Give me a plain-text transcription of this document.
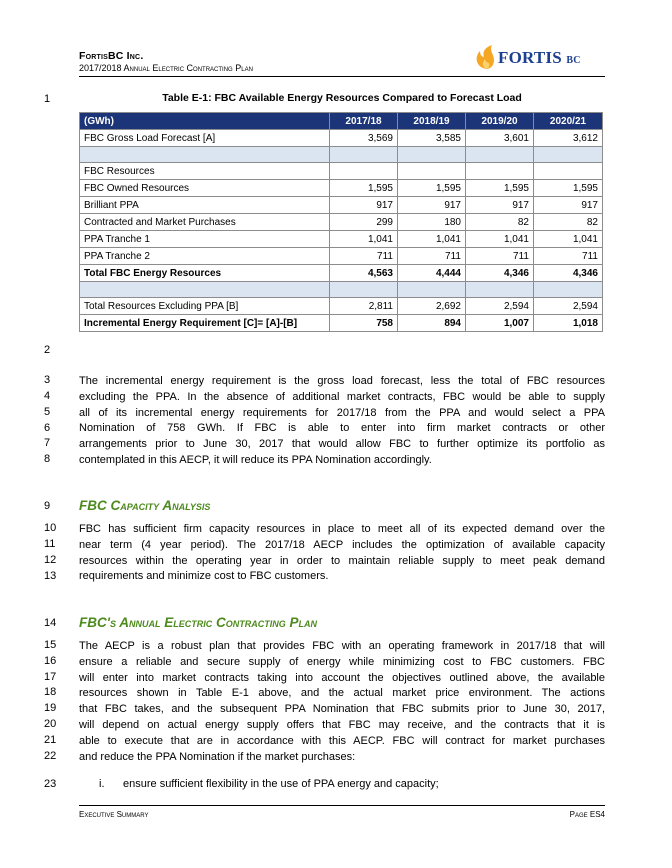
FortisBC Inc.
2017/2018 Annual Electric Contracting Plan
FORTIS BC
1
2
3
4
5
6
7
8
9
10
11
12
13
14
15
16
17
18
19
20
21
22
23
Table E-1: FBC Available Energy Resources Compared to Forecast Load
(GWh)	2017/18	2018/19	2019/20	2020/21
FBC Gross Load Forecast [A]	3,569	3,585	3,601	3,612

FBC Resources				
FBC Owned Resources	1,595	1,595	1,595	1,595
Brilliant PPA	917	917	917	917
Contracted and Market Purchases	299	180	82	82
PPA Tranche 1	1,041	1,041	1,041	1,041
PPA Tranche 2	711	711	711	711
Total FBC Energy Resources	4,563	4,444	4,346	4,346

Total Resources Excluding PPA [B]	2,811	2,692	2,594	2,594
Incremental Energy Requirement [C]= [A]-[B]	758	894	1,007	1,018
The incremental energy requirement is the gross load forecast, less the total of FBC resources
excluding the PPA. In the absence of additional market contracts, FBC would be able to supply
all of its incremental energy requirements for 2017/18 from the PPA and would select a PPA
Nomination of 758 GWh. If FBC is able to enter into firm market contracts or other
arrangements prior to June 30, 2017 that would allow FBC to further optimize its portfolio as
contemplated in this AECP, it will reduce its PPA Nomination accordingly.
FBC Capacity Analysis
FBC has sufficient firm capacity resources in place to meet all of its expected demand over the
near term (4 year period). The 2017/18 AECP includes the optimization of available capacity
resources within the operating year in order to maintain reliable supply to meet peak demand
requirements and minimize cost to FBC customers.
FBC's Annual Electric Contracting Plan
The AECP is a robust plan that provides FBC with an operating framework in 2017/18 that will
ensure a reliable and secure supply of energy while minimizing cost to FBC customers. FBC
will enter into market contracts taking into account the objectives outlined above, the available
resources shown in Table E-1 above, and the actual market price environment. The actions
that FBC takes, and the subsequent PPA Nomination that FBC submits prior to June 30, 2017,
will depend on actual energy supply offers that FBC may receive, and the contracts that it is
able to execute that are in accordance with this AECP. FBC will contract for market purchases
and reduce the PPA Nomination if the market purchases:
i. ensure sufficient flexibility in the use of PPA energy and capacity;
Executive Summary	Page ES4
